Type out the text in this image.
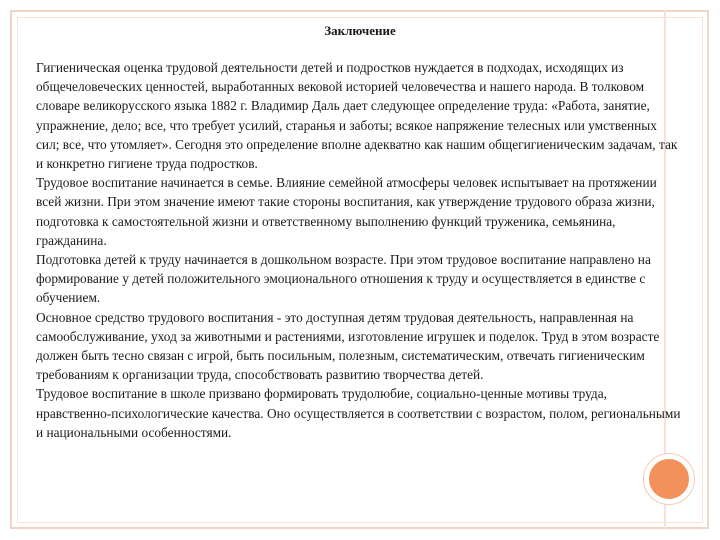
Заключение

Гигиеническая оценка трудовой деятельности детей и подростков нуждается в подходах, исходящих из общечеловеческих ценностей, выработанных вековой историей человечества и нашего народа. В толковом словаре великорусского языка 1882 г. Владимир Даль дает следующее определение труда: «Работа, занятие, упражнение, дело; все, что требует усилий, старанья и заботы; всякое напряжение телесных или умственных сил; все, что утомляет». Сегодня это определение вполне адекватно как нашим общегигиеническим задачам, так и конкретно гигиене труда подростков.

Трудовое воспитание начинается в семье. Влияние семейной атмосферы человек испытывает на протяжении всей жизни. При этом значение имеют такие стороны воспитания, как утверждение трудового образа жизни, подготовка к самостоятельной жизни и ответственному выполнению функций труженика, семьянина, гражданина.

Подготовка детей к труду начинается в дошкольном возрасте. При этом трудовое воспитание направлено на формирование у детей положительного эмоционального отношения к труду и осуществляется в единстве с обучением.

Основное средство трудового воспитания - это доступная детям трудовая деятельность, направленная на самообслуживание, уход за животными и растениями, изготовление игрушек и поделок. Труд в этом возрасте должен быть тесно связан с игрой, быть посильным, полезным, систематическим, отвечать гигиеническим требованиям к организации труда, способствовать развитию творчества детей.

Трудовое воспитание в школе призвано формировать трудолюбие, социально-ценные мотивы труда, нравственно-психологические качества. Оно осуществляется в соответствии с возрастом, полом, региональными и национальными особенностями.
